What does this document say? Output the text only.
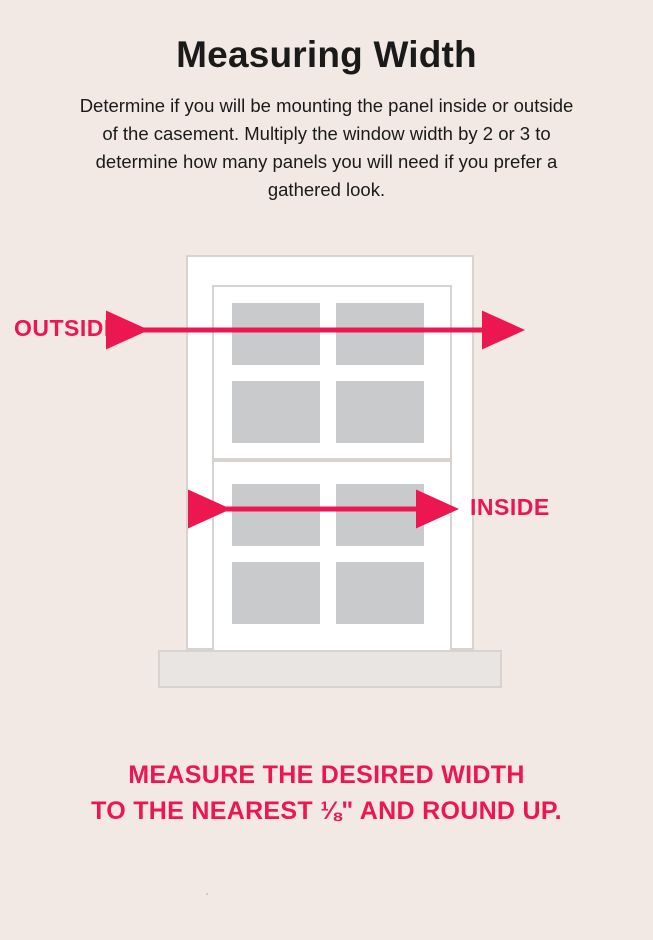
Measuring Width
Determine if you will be mounting the panel inside or outside of the casement. Multiply the window width by 2 or 3 to determine how many panels you will need if you prefer a gathered look.
OUTSIDE
INSIDE
MEASURE THE DESIRED WIDTH
TO THE NEAREST ⅛" AND ROUND UP.
